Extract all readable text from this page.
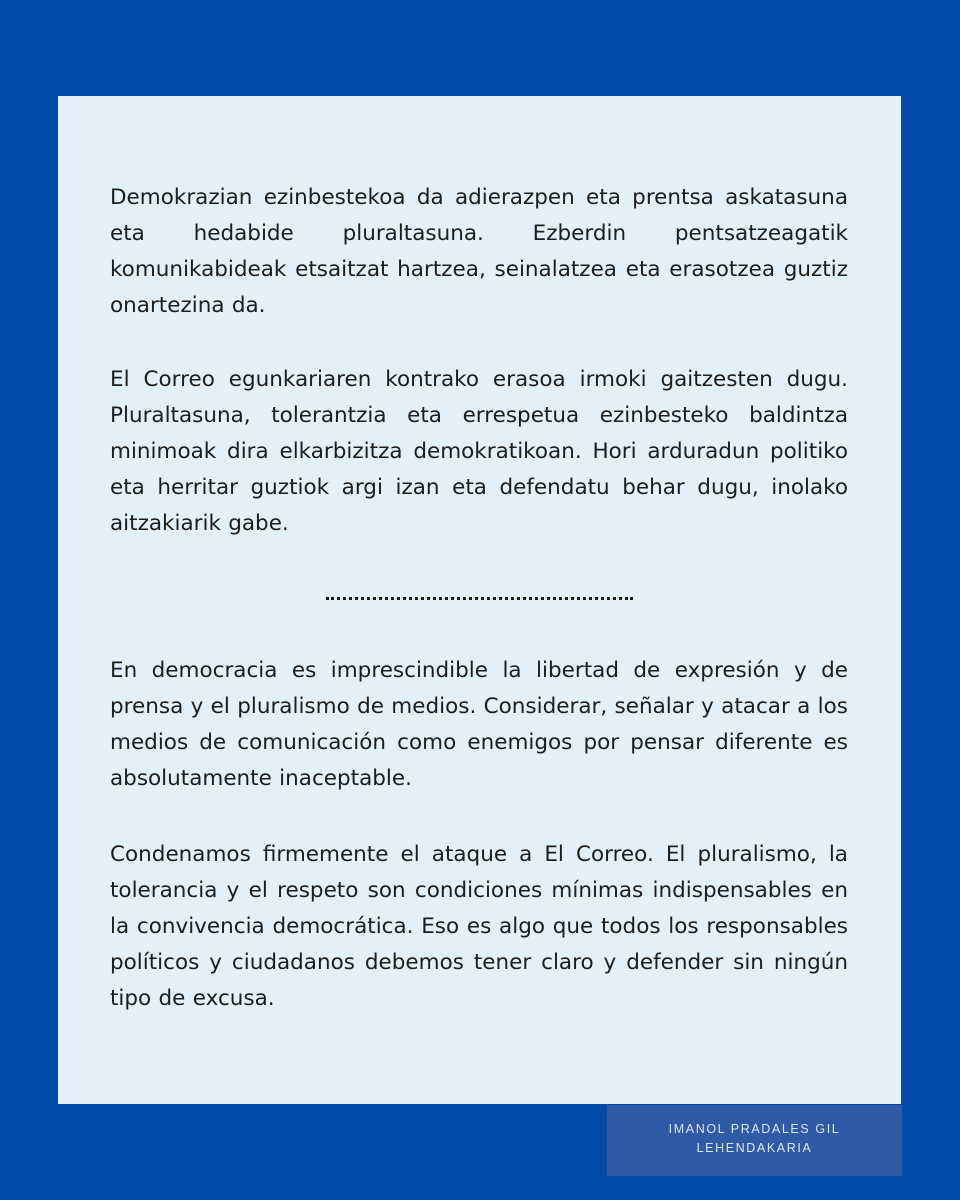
Demokrazian ezinbestekoa da adierazpen eta prentsa askatasuna eta hedabide pluraltasuna. Ezberdin pentsatzeagatik komunikabideak etsaitzat hartzea, seinalatzea eta erasotzea guztiz onartezina da.

El Correo egunkariaren kontrako erasoa irmoki gaitzesten dugu. Pluraltasuna, tolerantzia eta errespetua ezinbesteko baldintza minimoak dira elkarbizitza demokratikoan. Hori arduradun politiko eta herritar guztiok argi izan eta defendatu behar dugu, inolako aitzakiarik gabe.

En democracia es imprescindible la libertad de expresión y de prensa y el pluralismo de medios. Considerar, señalar y atacar a los medios de comunicación como enemigos por pensar diferente es absolutamente inaceptable.

Condenamos firmemente el ataque a El Correo. El pluralismo, la tolerancia y el respeto son condiciones mínimas indispensables en la convivencia democrática. Eso es algo que todos los responsables políticos y ciudadanos debemos tener claro y defender sin ningún tipo de excusa.

IMANOL PRADALES GIL
LEHENDAKARIA
